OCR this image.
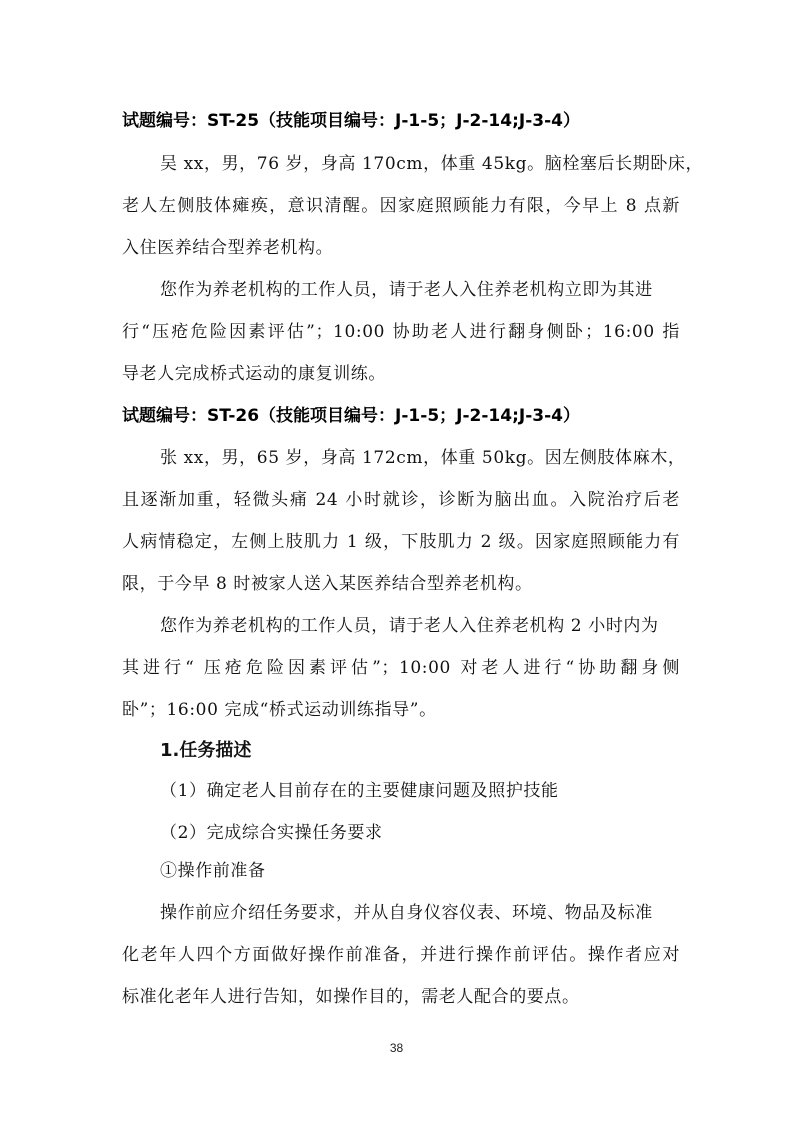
试题编号：ST-25（技能项目编号：J-1-5；J-2-14;J-3-4）
吴 xx，男，76 岁，身高 170cm，体重 45kg。脑栓塞后长期卧床，
老人左侧肢体瘫痪，意识清醒。因家庭照顾能力有限，今早上 8 点新
入住医养结合型养老机构。
您作为养老机构的工作人员，请于老人入住养老机构立即为其进
行“压疮危险因素评估”；10:00 协助老人进行翻身侧卧；16:00 指
导老人完成桥式运动的康复训练。
试题编号：ST-26（技能项目编号：J-1-5；J-2-14;J-3-4）
张 xx，男，65 岁，身高 172cm，体重 50kg。因左侧肢体麻木，
且逐渐加重，轻微头痛 24 小时就诊，诊断为脑出血。入院治疗后老
人病情稳定，左侧上肢肌力 1 级，下肢肌力 2 级。因家庭照顾能力有
限，于今早 8 时被家人送入某医养结合型养老机构。
您作为养老机构的工作人员，请于老人入住养老机构 2 小时内为
其进行“ 压疮危险因素评估”；10:00 对老人进行“协助翻身侧
卧”；16:00 完成“桥式运动训练指导”。
1.任务描述
（1）确定老人目前存在的主要健康问题及照护技能
（2）完成综合实操任务要求
①操作前准备
操作前应介绍任务要求，并从自身仪容仪表、环境、物品及标准
化老年人四个方面做好操作前准备，并进行操作前评估。操作者应对
标准化老年人进行告知，如操作目的，需老人配合的要点。
38
